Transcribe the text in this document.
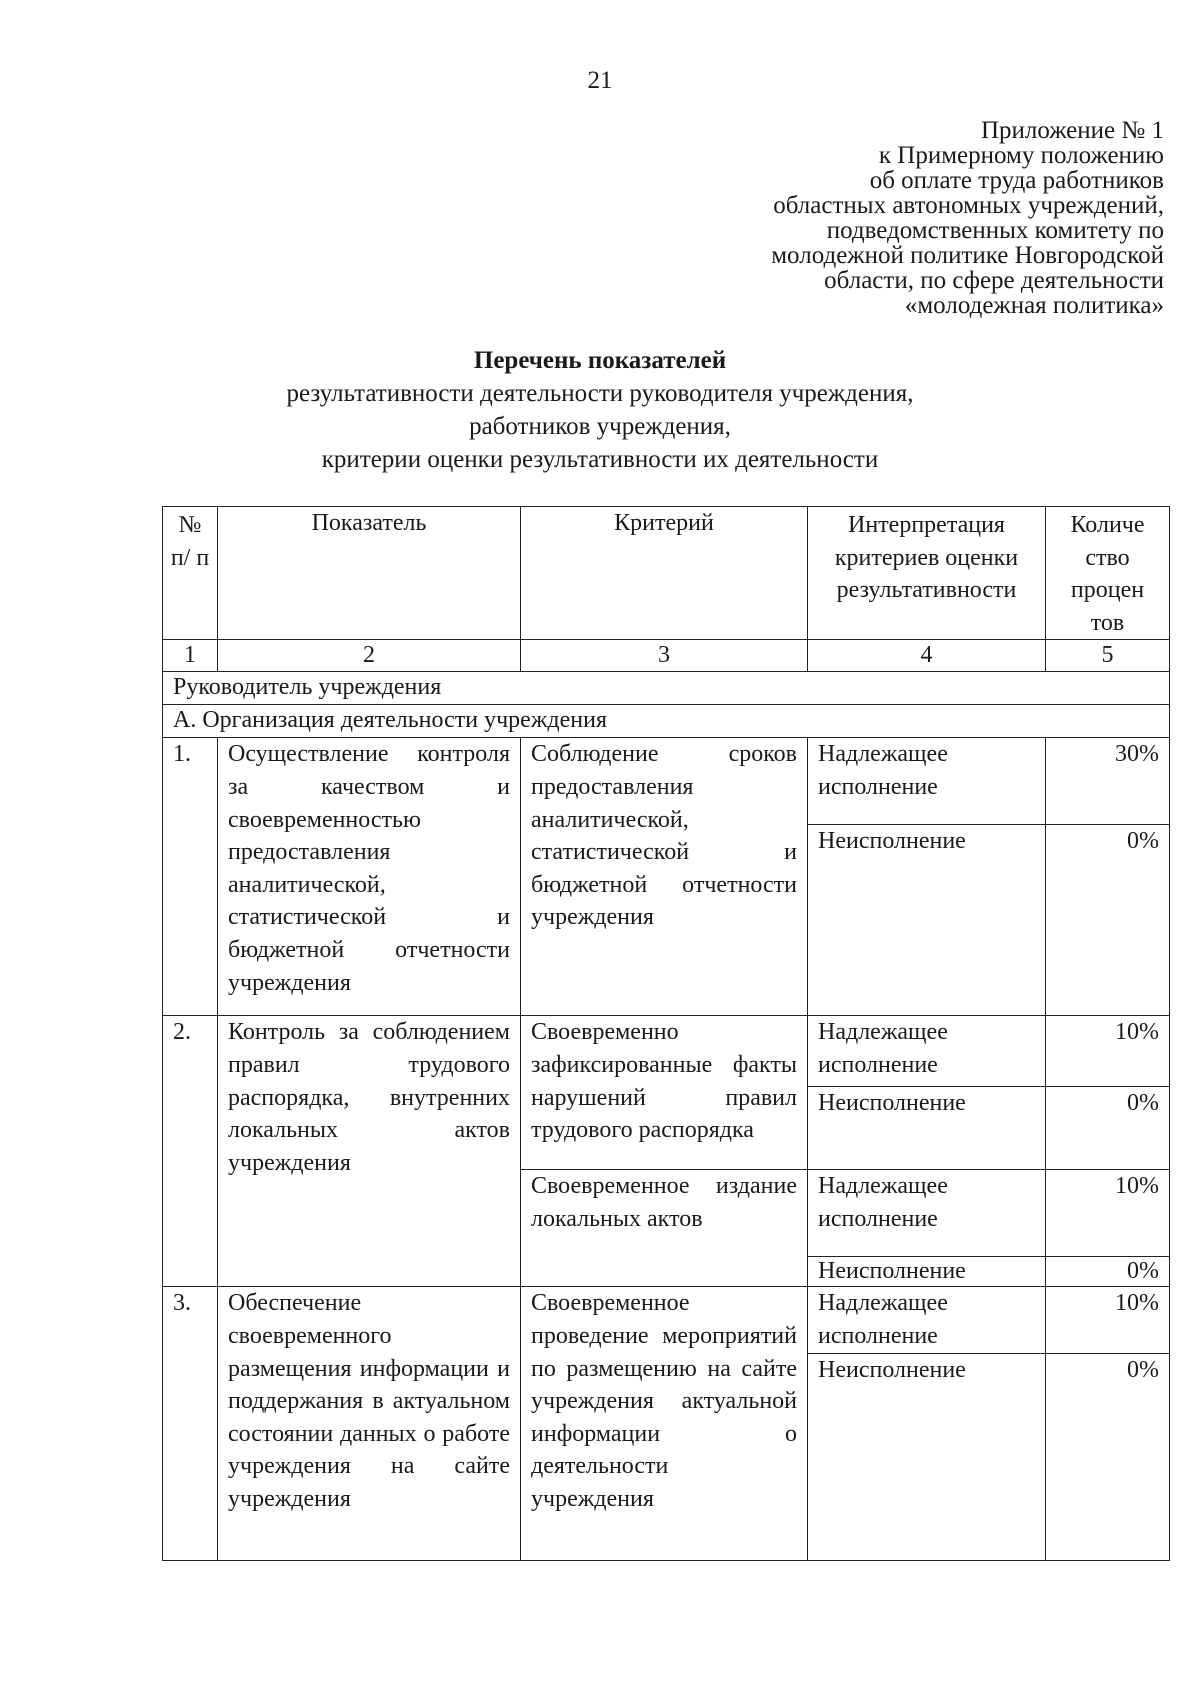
21
Приложение № 1
к Примерному положению
об оплате труда работников
областных автономных учреждений,
подведомственных комитету по
молодежной политике Новгородской
области, по сфере деятельности
«молодежная политика»
Перечень показателей
результативности деятельности руководителя учреждения,
работников учреждения,
критерии оценки результативности их деятельности
№ п/ п	Показатель	Критерий	Интерпретация критериев оценки результативности	Количе ство процен тов
1	2	3	4	5
Руководитель учреждения				
А. Организация деятельности учреждения				
1.	Осуществление контроля за качеством и своевременностью предоставления аналитической, статистической и бюджетной отчетности учреждения	Соблюдение сроков предоставления аналитической, статистической и бюджетной отчетности учреждения	Надлежащее исполнение	30%
			Неисполнение	0%
2.	Контроль за соблюдением правил трудового распорядка, внутренних локальных актов учреждения	Своевременно зафиксированные факты нарушений правил трудового распорядка	Надлежащее исполнение	10%
			Неисполнение	0%
		Своевременное издание локальных актов	Надлежащее исполнение	10%
			Неисполнение	0%
3.	Обеспечение своевременного размещения информации и поддержания в актуальном состоянии данных о работе учреждения на сайте учреждения	Своевременное проведение мероприятий по размещению на сайте учреждения актуальной информации о деятельности учреждения	Надлежащее исполнение	10%
			Неисполнение	0%
